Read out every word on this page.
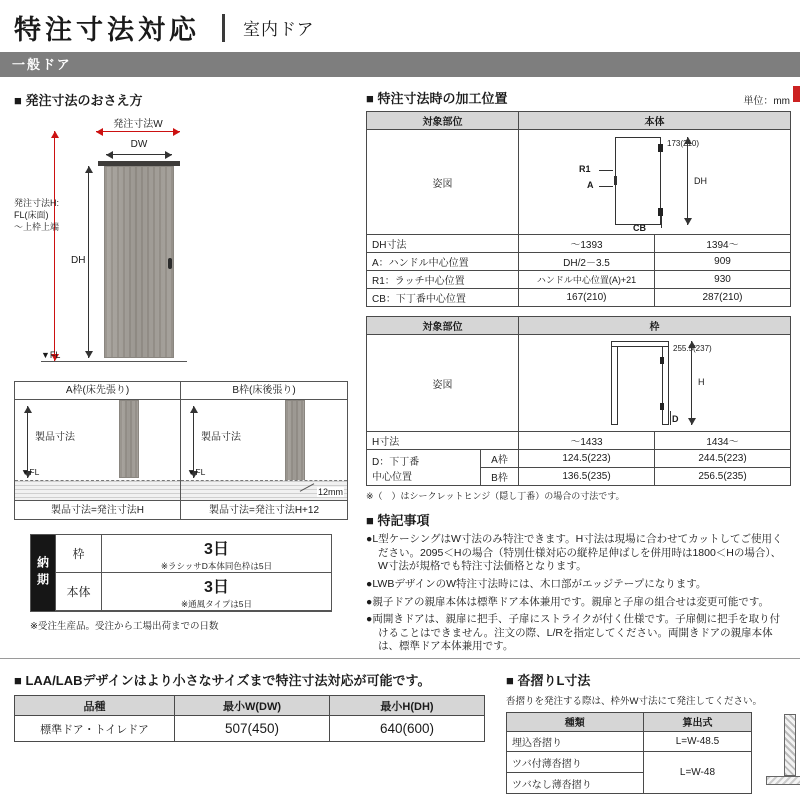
特注寸法対応	室内ドア
一般ドア
■ 発注寸法のおさえ方
発注寸法W
DW
発注寸法H:
FL(床面)
～上枠上端
DH
▼FL
A枠(床先張り)	B枠(床後張り)
製品寸法
▼FL
製品寸法
▼FL
12mm
製品寸法=発注寸法H	製品寸法=発注寸法H+12
納期
枠	3日
※ラシッサD本体同色枠は5日
本体	3日
※通風タイプは5日
※受注生産品。受注から工場出荷までの日数
■ 特注寸法時の加工位置	単位：mm
対象部位	本体	
姿図	173(210)
DH
R1
A
CB	

DH寸法	～1393	1394～
A：ハンドル中心位置	DH/2－3.5	909
R1：ラッチ中心位置	ハンドル中心位置(A)+21	930
CB：下丁番中心位置	167(210)	287(210)
対象部位		枠	
姿図		255.5(237)
H
D	

H寸法		～1433	1434～

D：下丁番
中心位置	A枠	124.5(223)	244.5(223)
	B枠	136.5(235)	256.5(235)
※（　）はシークレットヒンジ（隠し丁番）の場合の寸法です。
■ 特記事項
●L型ケーシングはW寸法のみ特注できます。H寸法は現場に合わせてカットしてご使用ください。2095＜Hの場合（特別仕様対応の縦枠足伸ばしを併用時は1800＜Hの場合）、W寸法が規格でも特注寸法価格となります。
●LWBデザインのW特注寸法時には、木口部がエッジテープになります。
●親子ドアの親扉本体は標準ドア本体兼用です。親扉と子扉の組合せは変更可能です。
●両開きドアは、親扉に把手、子扉にストライクが付く仕様です。子扉側に把手を取り付けることはできません。注文の際、L/Rを指定してください。両開きドアの親扉本体は、標準ドア本体兼用です。
■ LAA/LABデザインはより小さなサイズまで特注寸法対応が可能です。
品種	最小W(DW)	最小H(DH)
標準ドア・トイレドア	507(450)	640(600)
■ 沓摺りL寸法
沓摺りを発注する際は、枠外W寸法にて発注してください。
種類	算出式
埋込沓摺り	L=W-48.5
ツバ付薄沓摺り	L=W-48
ツバなし薄沓摺り	
